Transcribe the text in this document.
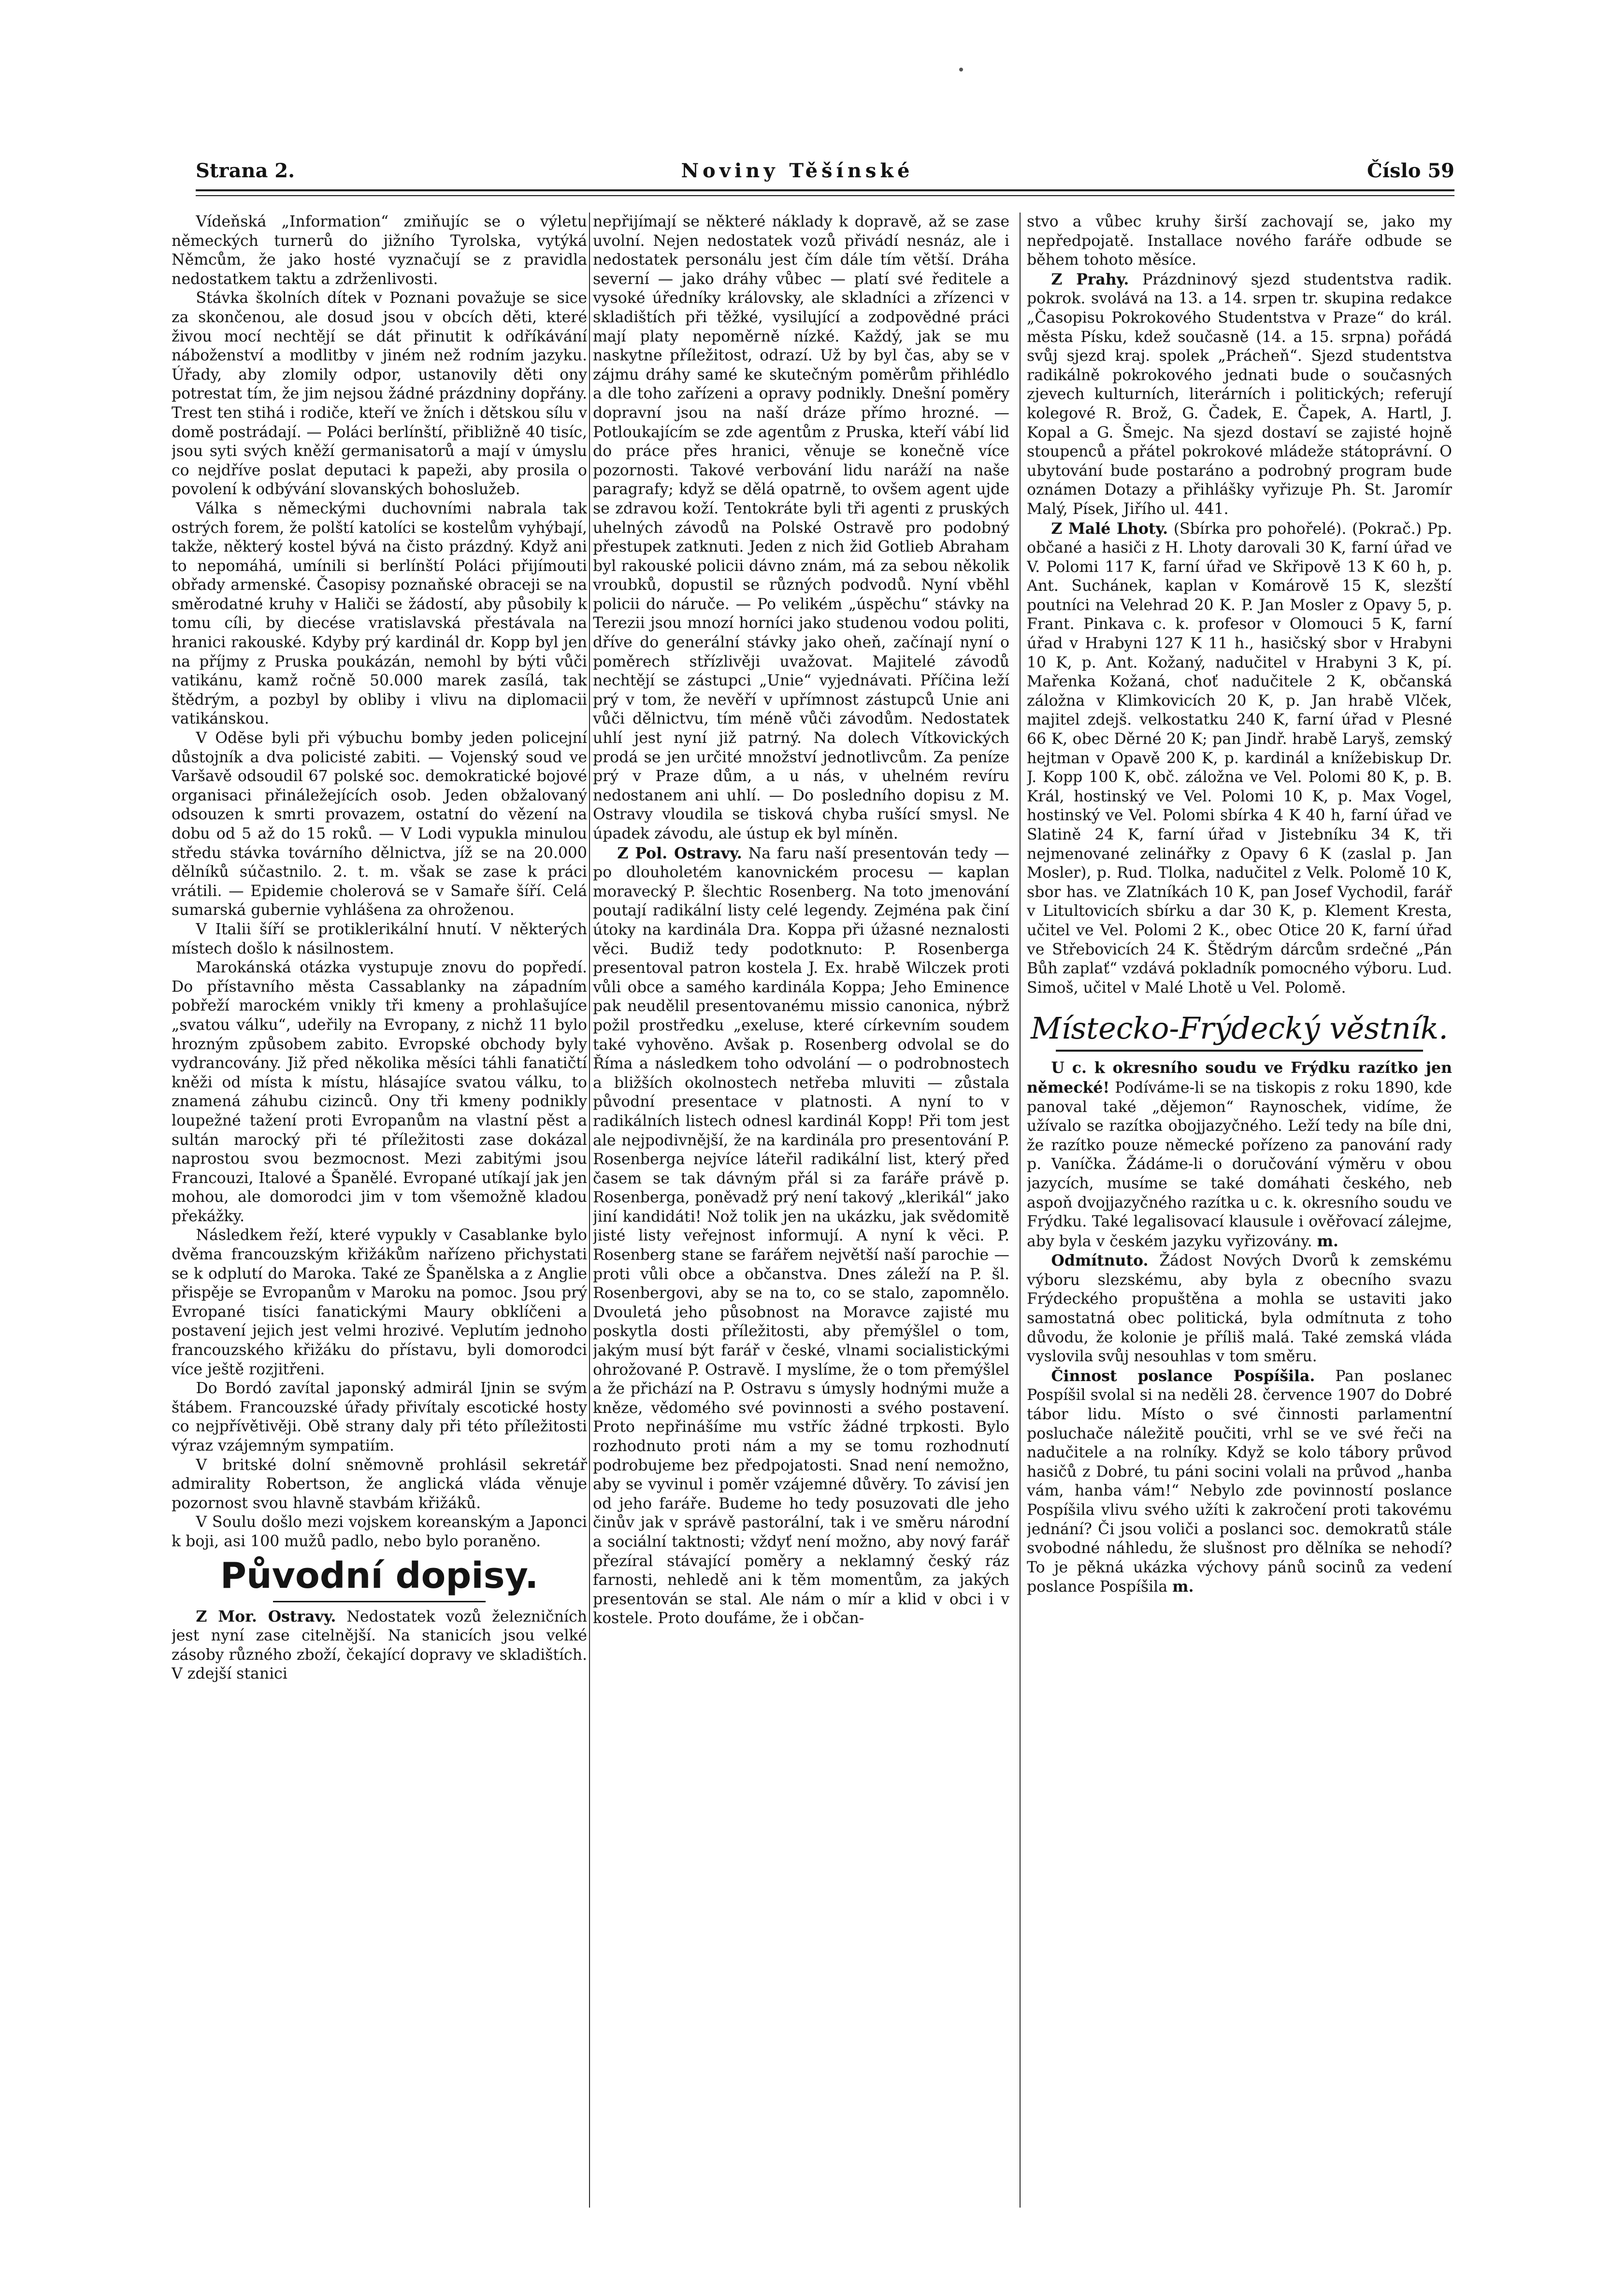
Strana 2.	Noviny Těšínské	Číslo 59

Vídeňská „Information“ zmiňujíc se o výletu německých turnerů do jižního Tyrolska, vytýká Němcům, že jako hosté vyznačují se z pravidla nedostatkem taktu a zdrženlivosti.

Stávka školních dítek v Poznani považuje se sice za skončenou, ale dosud jsou v obcích děti, které živou mocí nechtějí se dát přinutit k odříkávání náboženství a modlitby v jiném než rodním jazyku. Úřady, aby zlomily odpor, ustanovily děti ony potrestat tím, že jim nejsou žádné prázdniny dopřány. Trest ten stihá i rodiče, kteří ve žních i dětskou sílu v domě postrádají. — Poláci berlínští, přibližně 40 tisíc, jsou syti svých kněží germanisatorů a mají v úmyslu co nejdříve poslat deputaci k papeži, aby prosila o povolení k odbývání slovanských bohoslužeb.

Válka s německými duchovními nabrala tak ostrých forem, že polští katolíci se kostelům vyhýbají, takže, některý kostel bývá na čisto prázdný. Když ani to nepomáhá, umínili si berlínští Poláci přijímouti obřady armenské. Časopisy poznaňské obraceji se na směrodatné kruhy v Haliči se žádostí, aby působily k tomu cíli, by diecése vratislavská přestávala na hranici rakouské. Kdyby prý kardinál dr. Kopp byl jen na příjmy z Pruska poukázán, nemohl by býti vůči vatikánu, kamž ročně 50.000 marek zasílá, tak štědrým, a pozbyl by obliby i vlivu na diplomacii vatikánskou.

V Odĕse byli při výbuchu bomby jeden policejní důstojník a dva policisté zabiti. — Vojenský soud ve Varšavě odsoudil 67 polské soc. demokratické bojové organisaci přináležejících osob. Jeden obžalovaný odsouzen k smrti provazem, ostatní do vězení na dobu od 5 až do 15 roků. — V Lodi vypukla minulou středu stávka továrního dělnictva, jíž se na 20.000 dělníků súčastnilo. 2. t. m. však se zase k práci vrátili. — Epidemie cholerová se v Samaře šíří. Celá sumarská gubernie vyhlášena za ohroženou.

V Italii šíří se protiklerikální hnutí. V některých místech došlo k násilnostem.

Marokánská otázka vystupuje znovu do popředí. Do přístavního města Cassablanky na západním pobřeží marockém vnikly tři kmeny a prohlašujíce „svatou válku“, udeřily na Evropany, z nichž 11 bylo hrozným způsobem zabito. Evropské obchody byly vydrancovány. Již před několika měsíci táhli fanatičtí kněži od místa k místu, hlásajíce svatou válku, to znamená záhubu cizinců. Ony tři kmeny podnikly loupežné tažení proti Evropanům na vlastní pěst a sultán marocký při té příležitosti zase dokázal naprostou svou bezmocnost. Mezi zabitými jsou Francouzi, Italové a Španělé. Evropané utíkají jak jen mohou, ale domorodci jim v tom všemožně kladou překážky.

Následkem řeží, které vypukly v Casablanke bylo dvěma francouzským křižákům nařízeno přichystati se k odplutí do Maroka. Také ze Španělska a z Anglie přispěje se Evropanům v Maroku na pomoc. Jsou prý Evropané tisíci fanatickými Maury obklíčeni a postavení jejich jest velmi hrozivé. Veplutím jednoho francouzského křižáku do přístavu, byli domorodci více ještě rozjitřeni.

Do Bordó zavítal japonský admirál Ijnin se svým štábem. Francouzské úřady přivítaly escotické hosty co nejpřívětivěji. Obě strany daly při této příležitosti výraz vzájemným sympatiím.

V britské dolní sněmovně prohlásil sekretář admirality Robertson, že anglická vláda věnuje pozornost svou hlavně stavbám křižáků.

V Soulu došlo mezi vojskem koreanským a Japonci k boji, asi 100 mužů padlo, nebo bylo poraněno.

Původní dopisy.

Z Mor. Ostravy. Nedostatek vozů železničních jest nyní zase citelnější. Na stanicích jsou velké zásoby různého zboží, čekající dopravy ve skladištích. V zdejší stanici

nepřijímají se některé náklady k dopravě, až se zase uvolní. Nejen nedostatek vozů přivádí nesnáz, ale i nedostatek personálu jest čím dále tím větší. Dráha severní — jako dráhy vůbec — platí své ředitele a vysoké úředníky královsky, ale skladníci a zřízenci v skladištích při těžké, vysilující a zodpovědné práci mají platy nepoměrně nízké. Každý, jak se mu naskytne příležitost, odrazí. Už by byl čas, aby se v zájmu dráhy samé ke skutečným poměrům přihlédlo a dle toho zařízeni a opravy podnikly. Dnešní poměry dopravní jsou na naší dráze přímo hrozné. — Potloukajícím se zde agentům z Pruska, kteří vábí lid do práce přes hranici, věnuje se konečně více pozornosti. Takové verbování lidu naráží na naše paragrafy; když se dělá opatrně, to ovšem agent ujde se zdravou koží. Tentokráte byli tři agenti z pruských uhelných závodů na Polské Ostravě pro podobný přestupek zatknuti. Jeden z nich žid Gotlieb Abraham byl rakouské policii dávno znám, má za sebou několik vroubků, dopustil se různých podvodů. Nyní vběhl policii do náruče. — Po velikém „úspěchu“ stávky na Terezii jsou mnozí horníci jako studenou vodou politi, dříve do generální stávky jako oheň, začínají nyní o poměrech střízlivěji uvažovat. Majitelé závodů nechtějí se zástupci „Unie“ vyjednávati. Příčina leží prý v tom, že nevěří v upřímnost zástupců Unie ani vůči dělnictvu, tím méně vůči závodům. Nedostatek uhlí jest nyní již patrný. Na dolech Vítkovických prodá se jen určité množství jednotlivcům. Za peníze prý v Praze dům, a u nás, v uhelném revíru nedostanem ani uhlí. — Do posledního dopisu z M. Ostravy vloudila se tisková chyba rušící smysl. Ne úpadek závodu, ale ústup ek byl míněn.

Z Pol. Ostravy. Na faru naší presentován tedy — po dlouholetém kanovnickém procesu — kaplan moravecký P. šlechtic Rosenberg. Na toto jmenování poutají radikální listy celé legendy. Zejména pak činí útoky na kardinála Dra. Koppa při úžasné neznalosti věci. Budiž tedy podotknuto: P. Rosenberga presentoval patron kostela J. Ex. hrabě Wilczek proti vůli obce a samého kardinála Koppa; Jeho Eminence pak neudělil presentovanému missio canonica, nýbrž požil prostředku „exeluse, které církevním soudem také vyhověno. Avšak p. Rosenberg odvolal se do Říma a následkem toho odvolání — o podrobnostech a bližších okolnostech netřeba mluviti — zůstala původní presentace v platnosti. A nyní to v radikálních listech odnesl kardinál Kopp! Při tom jest ale nejpodivnější, že na kardinála pro presentování P. Rosenberga nejvíce láteřil radikální list, který před časem se tak dávným přál si za faráře právě p. Rosenberga, poněvadž prý není takový „klerikál“ jako jiní kandidáti! Nož tolik jen na ukázku, jak svědomitě jisté listy veřejnost informují. A nyní k věci. P. Rosenberg stane se farářem největší naší parochie — proti vůli obce a občanstva. Dnes záleží na P. šl. Rosenbergovi, aby se na to, co se stalo, zapomnělo. Dvouletá jeho působnost na Moravce zajisté mu poskytla dosti příležitosti, aby přemýšlel o tom, jakým musí být farář v české, vlnami socialistickými ohrožované P. Ostravě. I myslíme, že o tom přemýšlel a že přichází na P. Ostravu s úmysly hodnými muže a kněze, vědomého své povinnosti a svého postavení. Proto nepřinášíme mu vstříc žádné trpkosti. Bylo rozhodnuto proti nám a my se tomu rozhodnutí podrobujeme bez předpojatosti. Snad není nemožno, aby se vyvinul i poměr vzájemné důvěry. To závisí jen od jeho faráře. Budeme ho tedy posuzovati dle jeho činův jak v správě pastorální, tak i ve směru národní a sociální taktnosti; vždyť není možno, aby nový farář přezíral stávající poměry a neklamný český ráz farnosti, nehledě ani k těm momentům, za jakých presentován se stal. Ale nám o mír a klid v obci i v kostele. Proto doufáme, že i občan-

stvo a vůbec kruhy širší zachovají se, jako my nepředpojatě. Installace nového faráře odbude se během tohoto měsíce.

Z Prahy. Prázdninový sjezd studentstva radik. pokrok. svolává na 13. a 14. srpen tr. skupina redakce „Časopisu Pokrokového Studentstva v Praze“ do král. města Písku, kdež současně (14. a 15. srpna) pořádá svůj sjezd kraj. spolek „Prácheň“. Sjezd studentstva radikálně pokrokového jednati bude o současných zjevech kulturních, literárních i politických; referují kolegové R. Brož, G. Čadek, E. Čapek, A. Hartl, J. Kopal a G. Šmejc. Na sjezd dostaví se zajisté hojně stoupenců a přátel pokrokové mládeže státoprávní. O ubytování bude postaráno a podrobný program bude oznámen Dotazy a přihlášky vyřizuje Ph. St. Jaromír Malý, Písek, Jiřího ul. 441.

Z Malé Lhoty. (Sbírka pro pohořelé). (Pokrač.) Pp. občané a hasiči z H. Lhoty darovali 30 K, farní úřad ve V. Polomi 117 K, farní úřad ve Skřipově 13 K 60 h, p. Ant. Suchánek, kaplan v Komárově 15 K, slezští poutníci na Velehrad 20 K. P. Jan Mosler z Opavy 5, p. Frant. Pinkava c. k. profesor v Olomouci 5 K, farní úřad v Hrabyni 127 K 11 h., hasičský sbor v Hrabyni 10 K, p. Ant. Kožaný, nadučitel v Hrabyni 3 K, pí. Mařenka Kožaná, choť nadučitele 2 K, občanská záložna v Klimkovicích 20 K, p. Jan hrabě Vlček, majitel zdejš. velkostatku 240 K, farní úřad v Plesné 66 K, obec Děrné 20 K; pan Jindř. hrabě Laryš, zemský hejtman v Opavě 200 K, p. kardinál a knížebiskup Dr. J. Kopp 100 K, obč. záložna ve Vel. Polomi 80 K, p. B. Král, hostinský ve Vel. Polomi 10 K, p. Max Vogel, hostinský ve Vel. Polomi sbírka 4 K 40 h, farní úřad ve Slatině 24 K, farní úřad v Jistebníku 34 K, tři nejmenované zelinářky z Opavy 6 K (zaslal p. Jan Mosler), p. Rud. Tlolka, nadučitel z Velk. Polomě 10 K, sbor has. ve Zlatníkách 10 K, pan Josef Vychodil, farář v Litultovicích sbírku a dar 30 K, p. Klement Kresta, učitel ve Vel. Polomi 2 K., obec Otice 20 K, farní úřad ve Střebovicích 24 K. Štědrým dárcům srdečné „Pán Bůh zaplať“ vzdává pokladník pomocného výboru. Lud. Simoš, učitel v Malé Lhotě u Vel. Polomě.

Místecko-Frýdecký věstník.

U c. k okresního soudu ve Frýdku razítko jen německé! Podíváme-li se na tiskopis z roku 1890, kde panoval také „dějemon“ Raynoschek, vidíme, že užívalo se razítka obojjazyčného. Leží tedy na bíle dni, že razítko pouze německé pořízeno za panování rady p. Vaníčka. Žádáme-li o doručování výměru v obou jazycích, musíme se také domáhati českého, neb aspoň dvojjazyčného razítka u c. k. okresního soudu ve Frýdku. Také legalisovací klausule i ověřovací zálejme, aby byla v českém jazyku vyřizovány. m.

Odmítnuto. Žádost Nových Dvorů k zemskému výboru slezskému, aby byla z obecního svazu Frýdeckého propuštěna a mohla se ustaviti jako samostatná obec politická, byla odmítnuta z toho důvodu, že kolonie je příliš malá. Také zemská vláda vyslovila svůj nesouhlas v tom směru.

Činnost poslance Pospíšila. Pan poslanec Pospíšil svolal si na neděli 28. července 1907 do Dobré tábor lidu. Místo o své činnosti parlamentní posluchače náležitě poučiti, vrhl se ve své řeči na nadučitele a na rolníky. Když se kolo tábory průvod hasičů z Dobré, tu páni socini volali na průvod „hanba vám, hanba vám!“ Nebylo zde povinností poslance Pospíšila vlivu svého užíti k zakročení proti takovému jednání? Či jsou voliči a poslanci soc. demokratů stále svobodné náhledu, že slušnost pro dělníka se nehodí? To je pěkná ukázka výchovy pánů socinů za vedení poslance Pospíšila m.
